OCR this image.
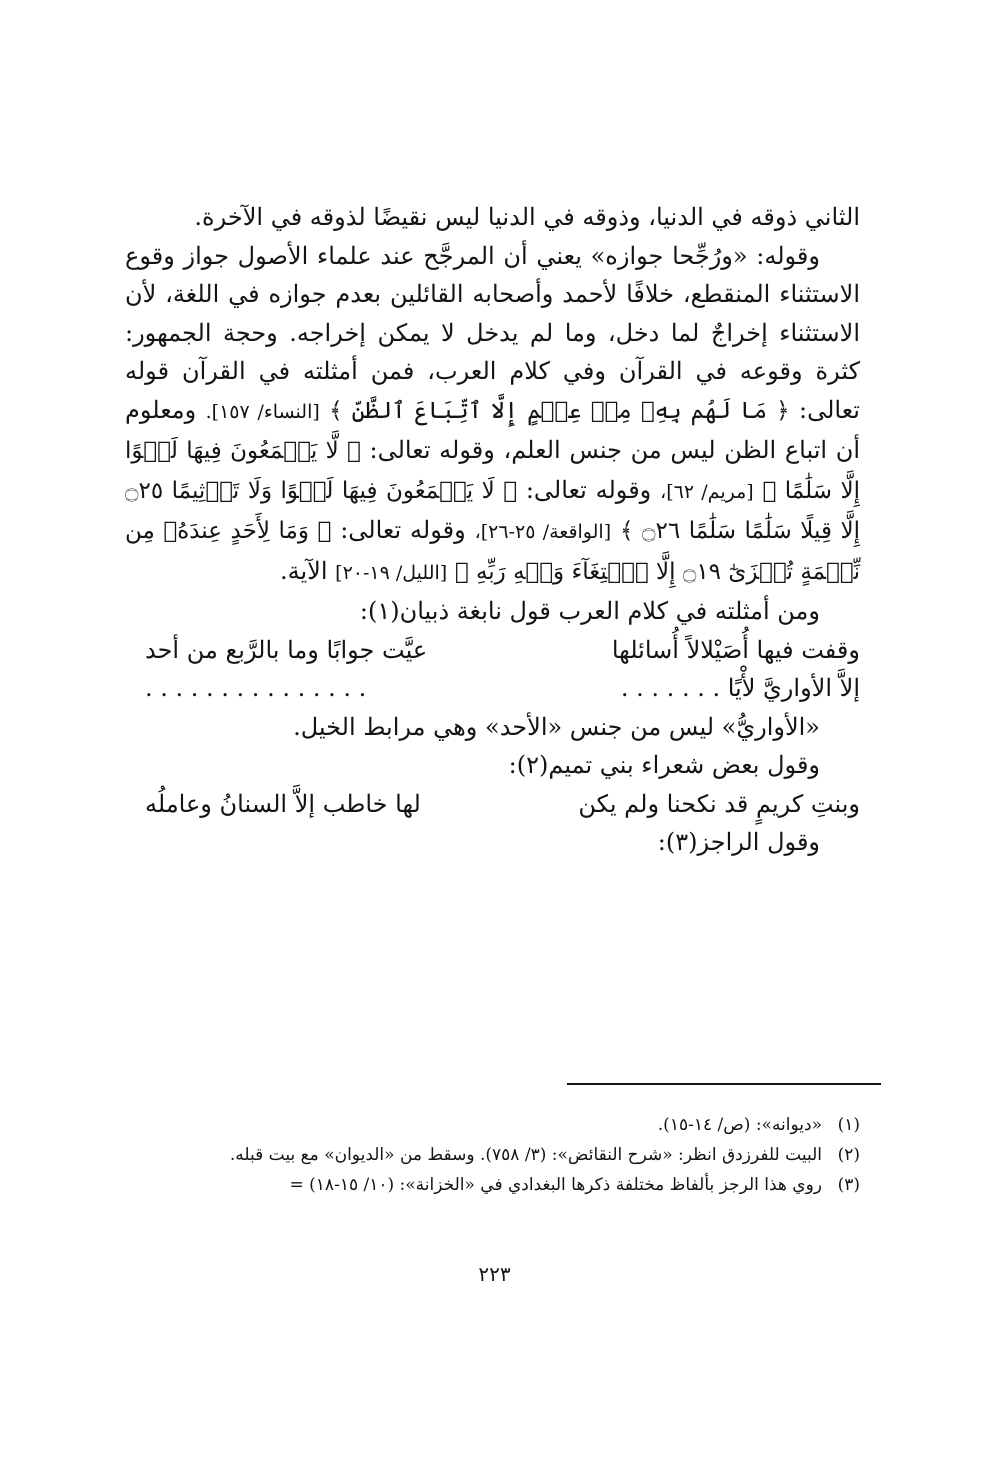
الثاني ذوقه في الدنيا، وذوقه في الدنيا ليس نقيضًا لذوقه في الآخرة.

وقوله: «ورُجِّحا جوازه» يعني أن المرجَّح عند علماء الأصول جواز وقوع الاستثناء المنقطع، خلافًا لأحمد وأصحابه القائلين بعدم جوازه في اللغة، لأن الاستثناء إخراجٌ لما دخل، وما لم يدخل لا يمكن إخراجه. وحجة الجمهور: كثرة وقوعه في القرآن وفي كلام العرب، فمن أمثلته في القرآن قوله تعالى: ﴿ مَا لَهُم بِهِۦ مِنۡ عِلۡمٍ إِلَّا ٱتِّبَاعَ ٱلظَّنِّ ﴾ [النساء/ ١٥٧]. ومعلوم أن اتباع الظن ليس من جنس العلم، وقوله تعالى: ﴿ لَّا يَسۡمَعُونَ فِيهَا لَغۡوًا إِلَّا سَلَٰمًا ﴾ [مريم/ ٦٢]، وقوله تعالى: ﴿ لَا يَسۡمَعُونَ فِيهَا لَغۡوًا وَلَا تَأۡثِيمًا ۝٢٥ إِلَّا قِيلًا سَلَٰمًا سَلَٰمًا ۝٢٦ ﴾ [الواقعة/ ٢٥-٢٦]، وقوله تعالى: ﴿ وَمَا لِأَحَدٍ عِندَهُۥ مِن نِّعۡمَةٍ تُجۡزَىٰٓ ۝١٩ إِلَّا ٱبۡتِغَآءَ وَجۡهِ رَبِّهِ ﴾ [الليل/ ١٩-٢٠] الآية.

ومن أمثلته في كلام العرب قول نابغة ذبيان(١):

وقفت فيها أُصَيْلالاً أُسائلها
عيَّت جوابًا وما بالرَّبع من أحد
إلاَّ الأواريَّ لأْيًا . . . . . . .
. . . . . . . . . . . . . . .

«الأواريُّ» ليس من جنس «الأحد» وهي مرابط الخيل.

وقول بعض شعراء بني تميم(٢):

وبنتِ كريمٍ قد نكحنا ولم يكن
لها خاطب إلاَّ السنانُ وعاملُه

وقول الراجز(٣):

(١)
«ديوانه»: (ص/ ١٤-١٥).
(٢)
البيت للفرزدق انظر: «شرح النقائض»: (٣/ ٧٥٨). وسقط من «الديوان» مع بيت قبله.
(٣)
روي هذا الرجز بألفاظ مختلفة ذكرها البغدادي في «الخزانة»: (١٠/ ١٥-١٨) =
٢٢٣
